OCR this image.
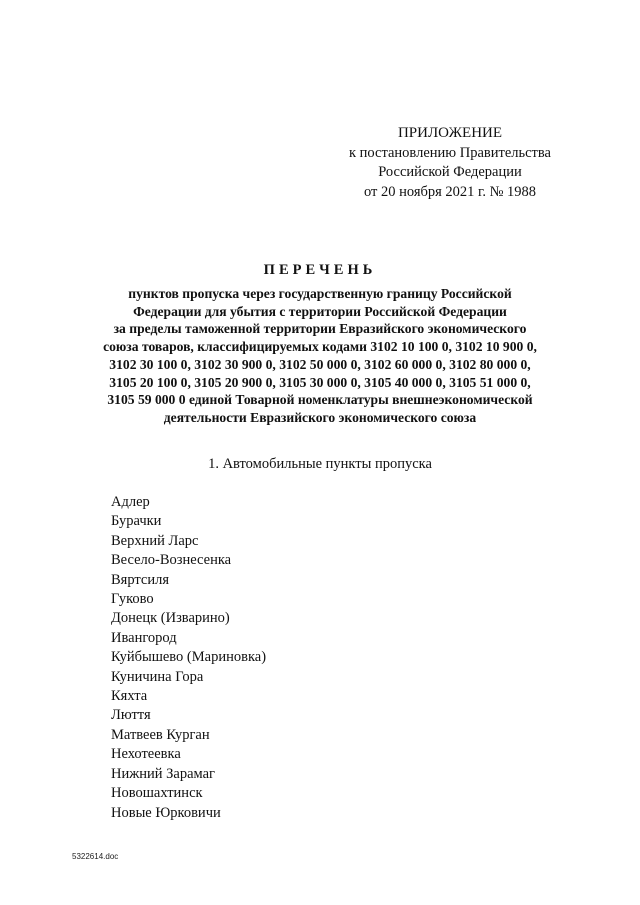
ПРИЛОЖЕНИЕ
к постановлению Правительства
Российской Федерации
от 20 ноября 2021 г. № 1988
ПЕРЕЧЕНЬ
пунктов пропуска через государственную границу Российской
Федерации для убытия с территории Российской Федерации
за пределы таможенной территории Евразийского экономического
союза товаров, классифицируемых кодами 3102 10 100 0, 3102 10 900 0,
3102 30 100 0, 3102 30 900 0, 3102 50 000 0, 3102 60 000 0, 3102 80 000 0,
3105 20 100 0, 3105 20 900 0, 3105 30 000 0, 3105 40 000 0, 3105 51 000 0,
3105 59 000 0 единой Товарной номенклатуры внешнеэкономической
деятельности Евразийского экономического союза
1. Автомобильные пункты пропуска
Адлер
Бурачки
Верхний Ларс
Весело-Вознесенка
Вяртсиля
Гуково
Донецк (Изварино)
Ивангород
Куйбышево (Мариновка)
Куничина Гора
Кяхта
Люття
Матвеев Курган
Нехотеевка
Нижний Зарамаг
Новошахтинск
Новые Юрковичи
5322614.doc
